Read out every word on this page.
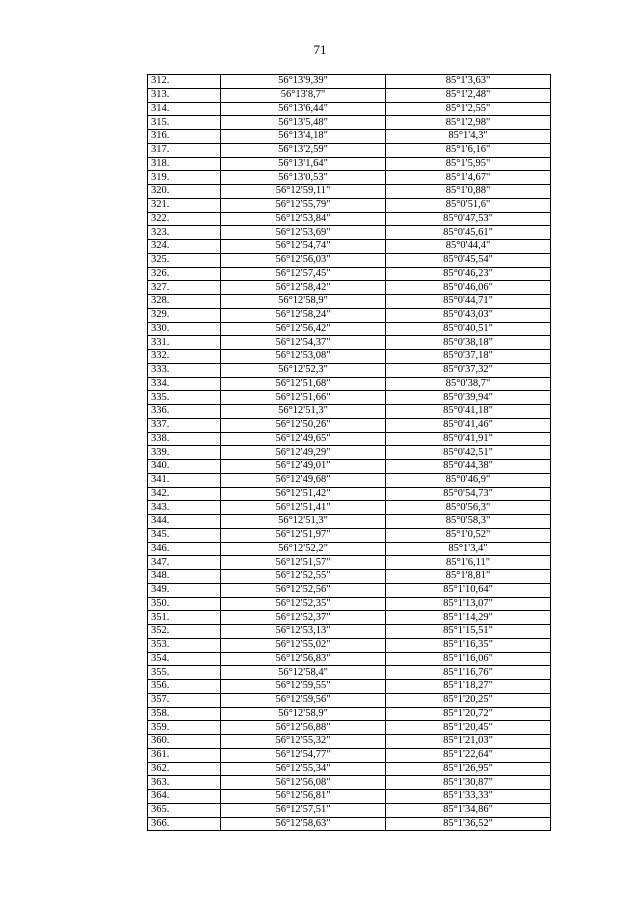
71
312.	56°13'9,39"	85°1'3,63"
313.	56°13'8,7"	85°1'2,48"
314.	56°13'6,44"	85°1'2,55"
315.	56°13'5,48"	85°1'2,98"
316.	56°13'4,18"	85°1'4,3"
317.	56°13'2,59"	85°1'6,16"
318.	56°13'1,64"	85°1'5,95"
319.	56°13'0,53"	85°1'4,67"
320.	56°12'59,11"	85°1'0,88"
321.	56°12'55,79"	85°0'51,6"
322.	56°12'53,84"	85°0'47,53"
323.	56°12'53,69"	85°0'45,61"
324.	56°12'54,74"	85°0'44,4"
325.	56°12'56,03"	85°0'45,54"
326.	56°12'57,45"	85°0'46,23"
327.	56°12'58,42"	85°0'46,06"
328.	56°12'58,9"	85°0'44,71"
329.	56°12'58,24"	85°0'43,03"
330.	56°12'56,42"	85°0'40,51"
331.	56°12'54,37"	85°0'38,18"
332.	56°12'53,08"	85°0'37,18"
333.	56°12'52,3"	85°0'37,32"
334.	56°12'51,68"	85°0'38,7"
335.	56°12'51,66"	85°0'39,94"
336.	56°12'51,3"	85°0'41,18"
337.	56°12'50,26"	85°0'41,46"
338.	56°12'49,65"	85°0'41,91"
339.	56°12'49,29"	85°0'42,51"
340.	56°12'49,01"	85°0'44,38"
341.	56°12'49,68"	85°0'46,9"
342.	56°12'51,42"	85°0'54,73"
343.	56°12'51,41"	85°0'56,3"
344.	56°12'51,3"	85°0'58,3"
345.	56°12'51,97"	85°1'0,52"
346.	56°12'52,2"	85°1'3,4"
347.	56°12'51,57"	85°1'6,11"
348.	56°12'52,55"	85°1'8,81"
349.	56°12'52,56"	85°1'10,64"
350.	56°12'52,35"	85°1'13,07"
351.	56°12'52,37"	85°1'14,29"
352.	56°12'53,13"	85°1'15,51"
353.	56°12'55,02"	85°1'16,35"
354.	56°12'56,83"	85°1'16,06"
355.	56°12'58,4"	85°1'16,76"
356.	56°12'59,55"	85°1'18,27"
357.	56°12'59,56"	85°1'20,25"
358.	56°12'58,9"	85°1'20,72"
359.	56°12'56,88"	85°1'20,45"
360.	56°12'55,32"	85°1'21,03"
361.	56°12'54,77"	85°1'22,64"
362.	56°12'55,34"	85°1'26,95"
363.	56°12'56,08"	85°1'30,87"
364.	56°12'56,81"	85°1'33,33"
365.	56°12'57,51"	85°1'34,86"
366.	56°12'58,63"	85°1'36,52"
